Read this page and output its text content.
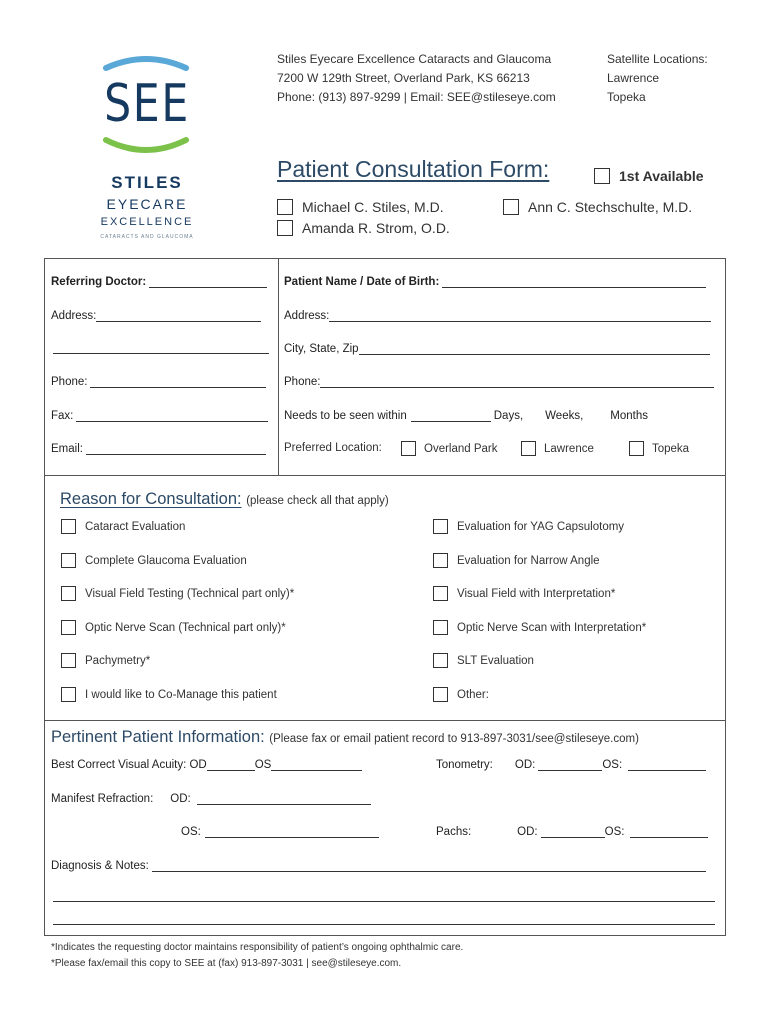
SEE
STILES
EYECARE
EXCELLENCE
CATARACTS AND GLAUCOMA
Stiles Eyecare Excellence Cataracts and Glaucoma
7200 W 129th Street, Overland Park, KS 66213
Phone: (913) 897-9299 | Email: SEE@stileseye.com
Satellite Locations:
Lawrence
Topeka
Patient Consultation Form:	1st Available
Michael C. Stiles, M.D.	Ann C. Stechschulte, M.D.
Amanda R. Strom, O.D.
Referring Doctor:
Address:
Phone:
Fax:
Email:
Patient Name / Date of Birth:
Address:
City, State, Zip
Phone:
Needs to be seen within	Days, Weeks, Months
Preferred Location:	Overland Park	Lawrence	Topeka
Reason for Consultation: (please check all that apply)
Cataract Evaluation
Complete Glaucoma Evaluation
Visual Field Testing (Technical part only)*
Optic Nerve Scan (Technical part only)*
Pachymetry*
I would like to Co-Manage this patient
Evaluation for YAG Capsulotomy
Evaluation for Narrow Angle
Visual Field with Interpretation*
Optic Nerve Scan with Interpretation*
SLT Evaluation
Other:
Pertinent Patient Information: (Please fax or email patient record to 913-897-3031/see@stileseye.com)
Best Correct Visual Acuity: OD	OS	Tonometry: OD:	OS:
Manifest Refraction: OD:
OS:	Pachs:	OD:	OS:
Diagnosis & Notes:
*Indicates the requesting doctor maintains responsibility of patient’s ongoing ophthalmic care.
*Please fax/email this copy to SEE at (fax) 913-897-3031 | see@stileseye.com.
